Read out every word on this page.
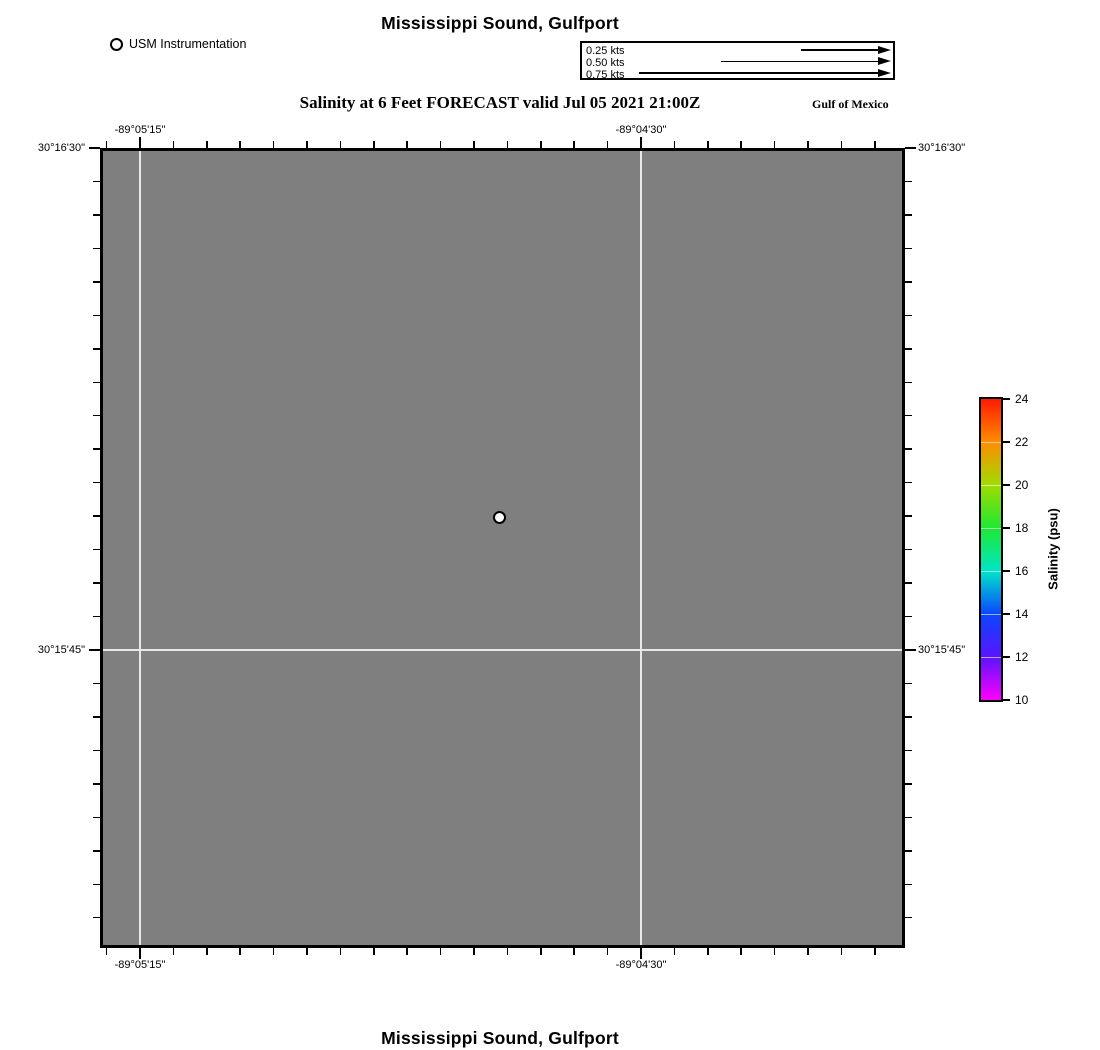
Mississippi Sound, Gulfport
USM Instrumentation	0.25 kts
0.50 kts
0.75 kts
Salinity at 6 Feet FORECAST valid Jul 05 2021 21:00Z	Gulf of Mexico
-89°05'15"
-89°05'15"
-89°04'30"
-89°04'30"
30°16'30"	30°16'30"
30°15'45"	30°15'45"
24
22
20
18
16
14
12
10
Salinity (psu)
Mississippi Sound, Gulfport
